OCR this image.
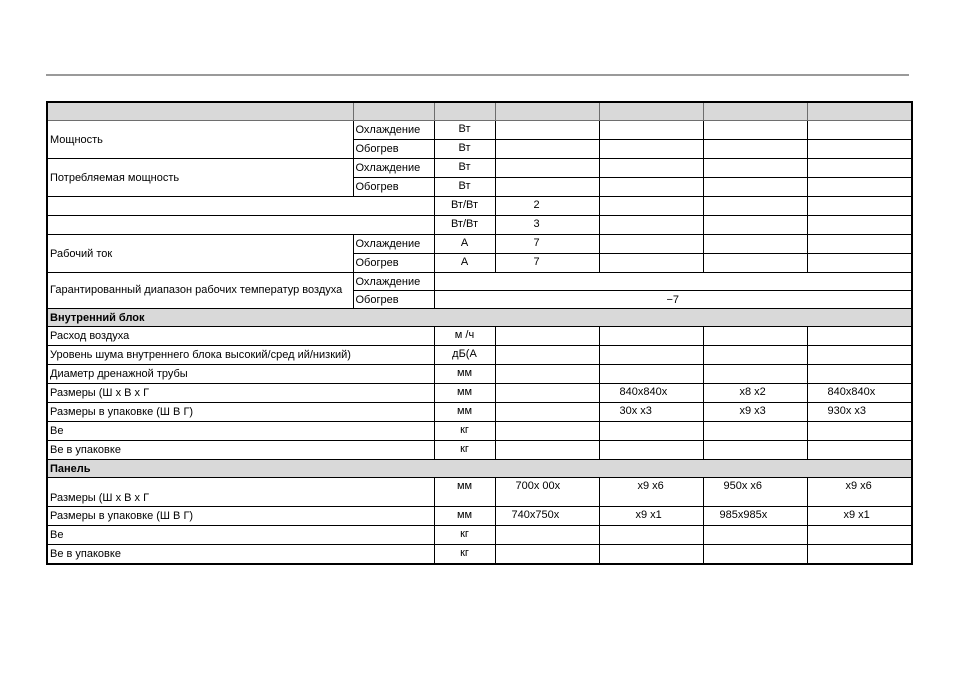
Мощность	Охлаждение	Вт				
	Обогрев	Вт				
Потребляемая мощность	Охлаждение	Вт				
	Обогрев	Вт				
		Вт/Вт	2			
		Вт/Вт	3			
Рабочий ток	Охлаждение	А	7			
	Обогрев	А	7			
Гарантированный диапазон рабочих температур воздуха	Охлаждение					
	Обогрев	−7				
Внутренний блок						
Расход воздуха		м /ч				
Уровень шума внутреннего блока высокий/сред ий/низкий)		дБ(А				
Диаметр дренажной трубы		мм				
Размеры (Ш х В х Г		мм		840x840x	x8 x2	840x840x
Размеры в упаковке (Ш В Г)		мм		30x x3	x9 x3	930x x3
Ве		кг				
Ве в упаковке		кг				
Панель						
Размеры (Ш х В х Г		мм	700x 00x	x9 x6	950x x6	x9 x6
Размеры в упаковке (Ш В Г)		мм	740x750x	x9 x1	985x985x	x9 x1
Ве		кг				
Ве в упаковке		кг				
